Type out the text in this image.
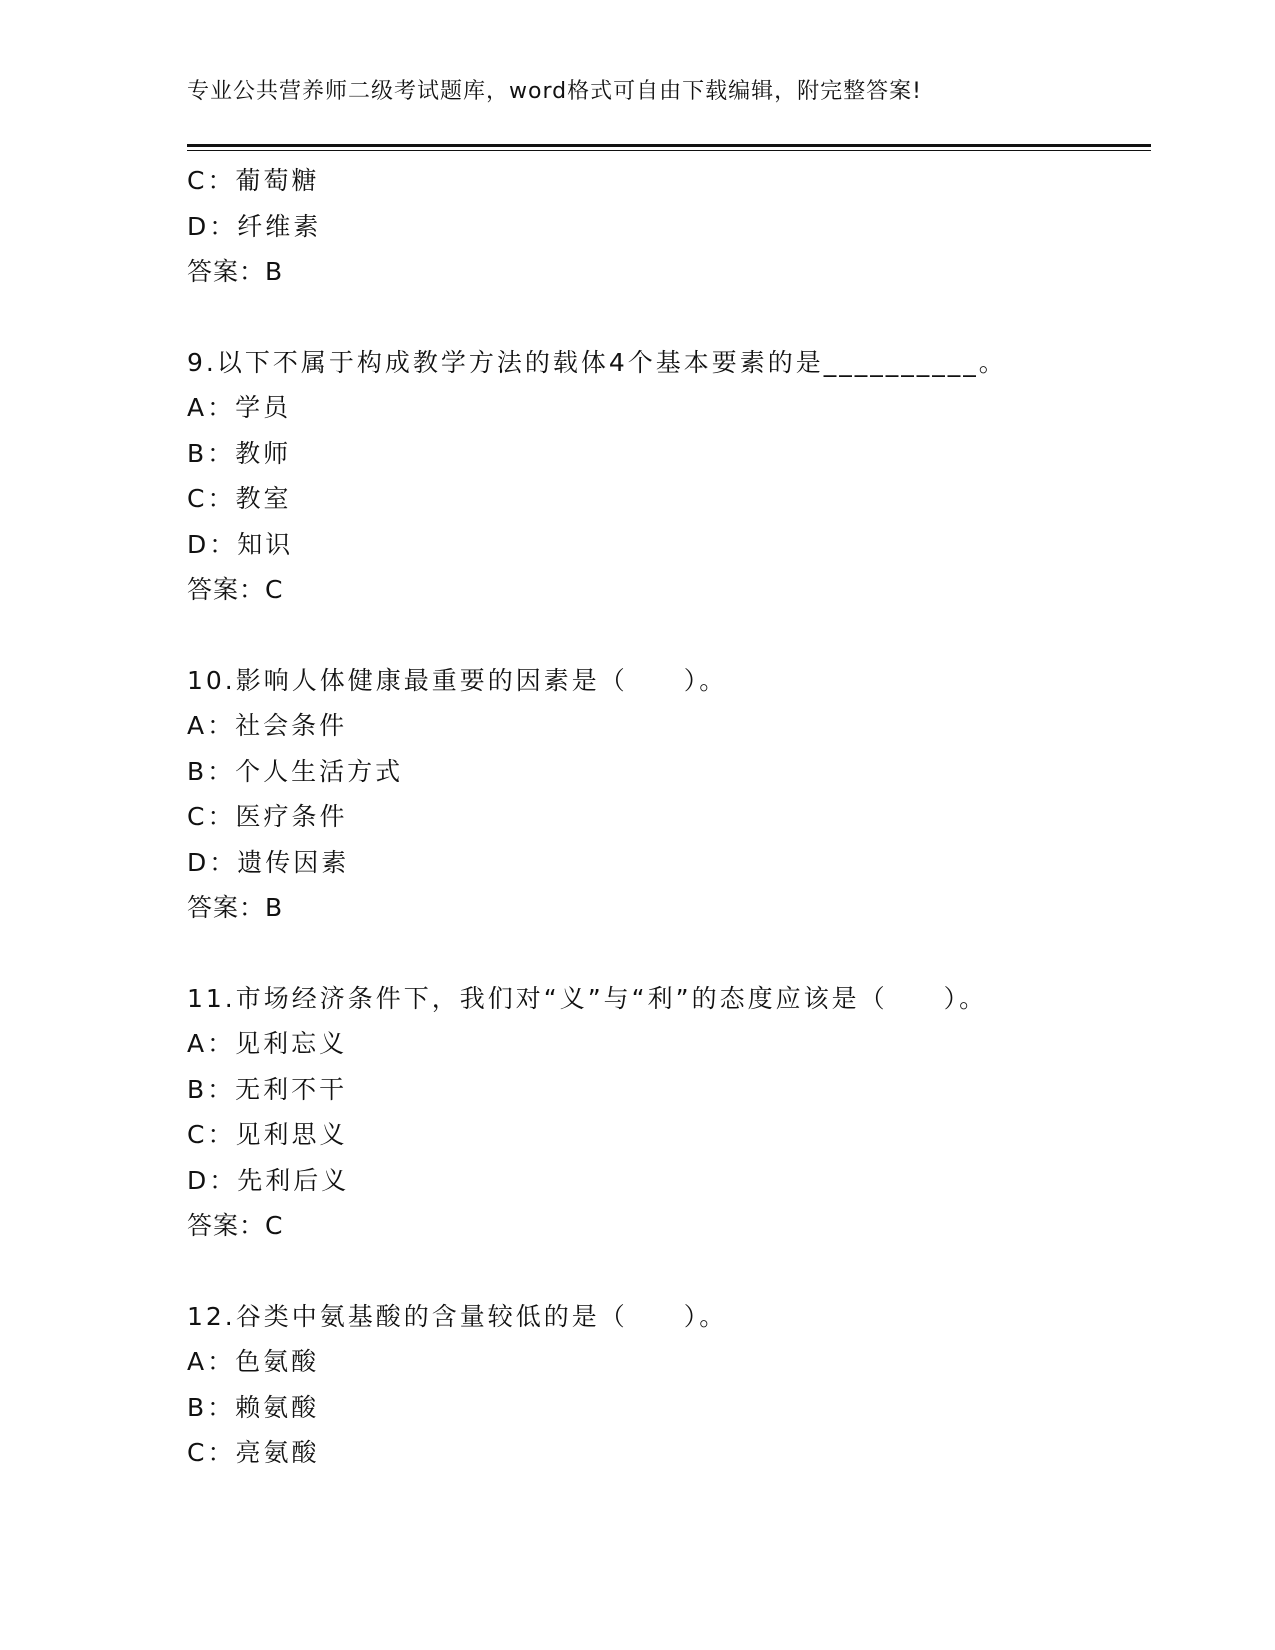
专业公共营养师二级考试题库，word格式可自由下载编辑，附完整答案!
C：葡萄糖
D：纤维素
答案：B
9.以下不属于构成教学方法的载体4个基本要素的是__________。
A：学员
B：教师
C：教室
D：知识
答案：C
10.影响人体健康最重要的因素是（　　）。
A：社会条件
B：个人生活方式
C：医疗条件
D：遗传因素
答案：B
11.市场经济条件下，我们对“义”与“利”的态度应该是（　　）。
A：见利忘义
B：无利不干
C：见利思义
D：先利后义
答案：C
12.谷类中氨基酸的含量较低的是（　　）。
A：色氨酸
B：赖氨酸
C：亮氨酸
